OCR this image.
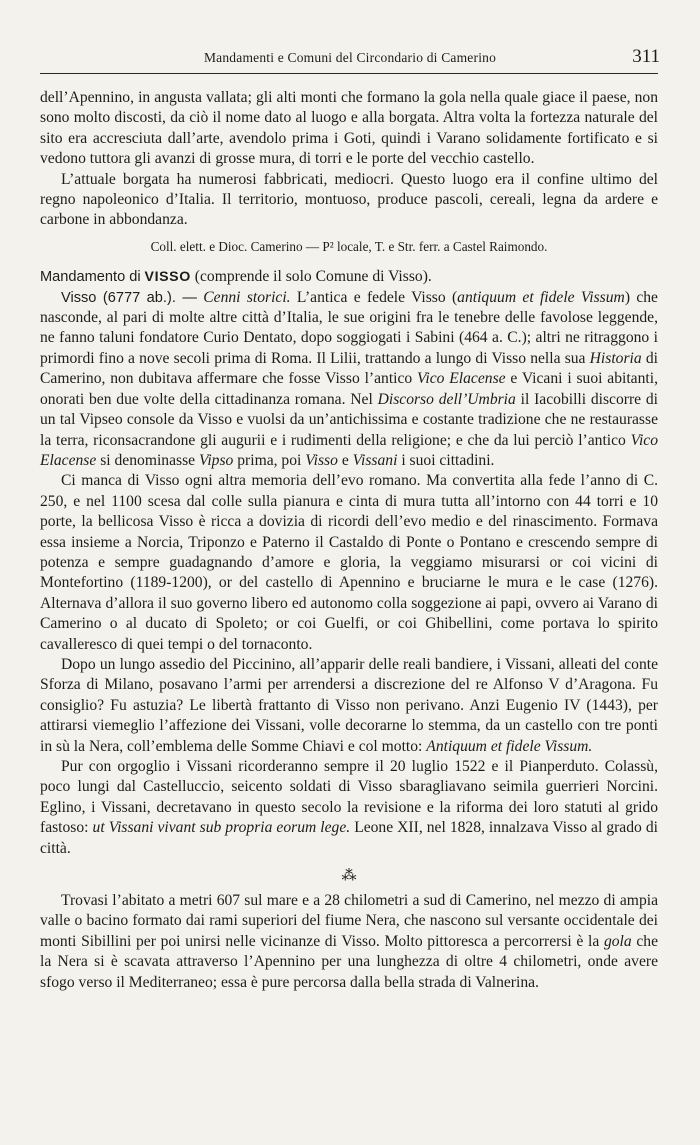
Mandamenti e Comuni del Circondario di Camerino	311

dell’Apennino, in angusta vallata; gli alti monti che formano la gola nella quale giace il paese, non sono molto discosti, da ciò il nome dato al luogo e alla borgata. Altra volta la fortezza naturale del sito era accresciuta dall’arte, avendolo prima i Goti, quindi i Varano solidamente fortificato e si vedono tuttora gli avanzi di grosse mura, di torri e le porte del vecchio castello.

L’attuale borgata ha numerosi fabbricati, mediocri. Questo luogo era il confine ultimo del regno napoleonico d’Italia. Il territorio, montuoso, produce pascoli, cereali, legna da ardere e carbone in abbondanza.

Coll. elett. e Dioc. Camerino — P² locale, T. e Str. ferr. a Castel Raimondo.

Mandamento di VISSO (comprende il solo Comune di Visso).

Visso (6777 ab.). — Cenni storici. L’antica e fedele Visso (antiquum et fidele Vissum) che nasconde, al pari di molte altre città d’Italia, le sue origini fra le tenebre delle favolose leggende, ne fanno taluni fondatore Curio Dentato, dopo soggiogati i Sabini (464 a. C.); altri ne ritraggono i primordi fino a nove secoli prima di Roma. Il Lilii, trattando a lungo di Visso nella sua Historia di Camerino, non dubitava affermare che fosse Visso l’antico Vico Elacense e Vicani i suoi abitanti, onorati ben due volte della cittadinanza romana. Nel Discorso dell’Umbria il Iacobilli discorre di un tal Vipseo console da Visso e vuolsi da un’antichissima e costante tradizione che ne restaurasse la terra, riconsacrandone gli augurii e i rudimenti della religione; e che da lui perciò l’antico Vico Elacense si denominasse Vipso prima, poi Visso e Vissani i suoi cittadini.

Ci manca di Visso ogni altra memoria dell’evo romano. Ma convertita alla fede l’anno di C. 250, e nel 1100 scesa dal colle sulla pianura e cinta di mura tutta all’intorno con 44 torri e 10 porte, la bellicosa Visso è ricca a dovizia di ricordi dell’evo medio e del rinascimento. Formava essa insieme a Norcia, Triponzo e Paterno il Castaldo di Ponte o Pontano e crescendo sempre di potenza e sempre guadagnando d’amore e gloria, la veggiamo misurarsi or coi vicini di Montefortino (1189-1200), or del castello di Apennino e bruciarne le mura e le case (1276). Alternava d’allora il suo governo libero ed autonomo colla soggezione ai papi, ovvero ai Varano di Camerino o al ducato di Spoleto; or coi Guelfi, or coi Ghibellini, come portava lo spirito cavalleresco di quei tempi o del tornaconto.

Dopo un lungo assedio del Piccinino, all’apparir delle reali bandiere, i Vissani, alleati del conte Sforza di Milano, posavano l’armi per arrendersi a discrezione del re Alfonso V d’Aragona. Fu consiglio? Fu astuzia? Le libertà frattanto di Visso non perivano. Anzi Eugenio IV (1443), per attirarsi viemeglio l’affezione dei Vissani, volle decorarne lo stemma, da un castello con tre ponti in sù la Nera, coll’emblema delle Somme Chiavi e col motto: Antiquum et fidele Vissum.

Pur con orgoglio i Vissani ricorderanno sempre il 20 luglio 1522 e il Pianperduto. Colassù, poco lungi dal Castelluccio, seicento soldati di Visso sbaragliavano seimila guerrieri Norcini. Eglino, i Vissani, decretavano in questo secolo la revisione e la riforma dei loro statuti al grido fastoso: ut Vissani vivant sub propria eorum lege. Leone XII, nel 1828, innalzava Visso al grado di città.

⁂

Trovasi l’abitato a metri 607 sul mare e a 28 chilometri a sud di Camerino, nel mezzo di ampia valle o bacino formato dai rami superiori del fiume Nera, che nascono sul versante occidentale dei monti Sibillini per poi unirsi nelle vicinanze di Visso. Molto pittoresca a percorrersi è la gola che la Nera si è scavata attraverso l’Apennino per una lunghezza di oltre 4 chilometri, onde avere sfogo verso il Mediterraneo; essa è pure percorsa dalla bella strada di Valnerina.
